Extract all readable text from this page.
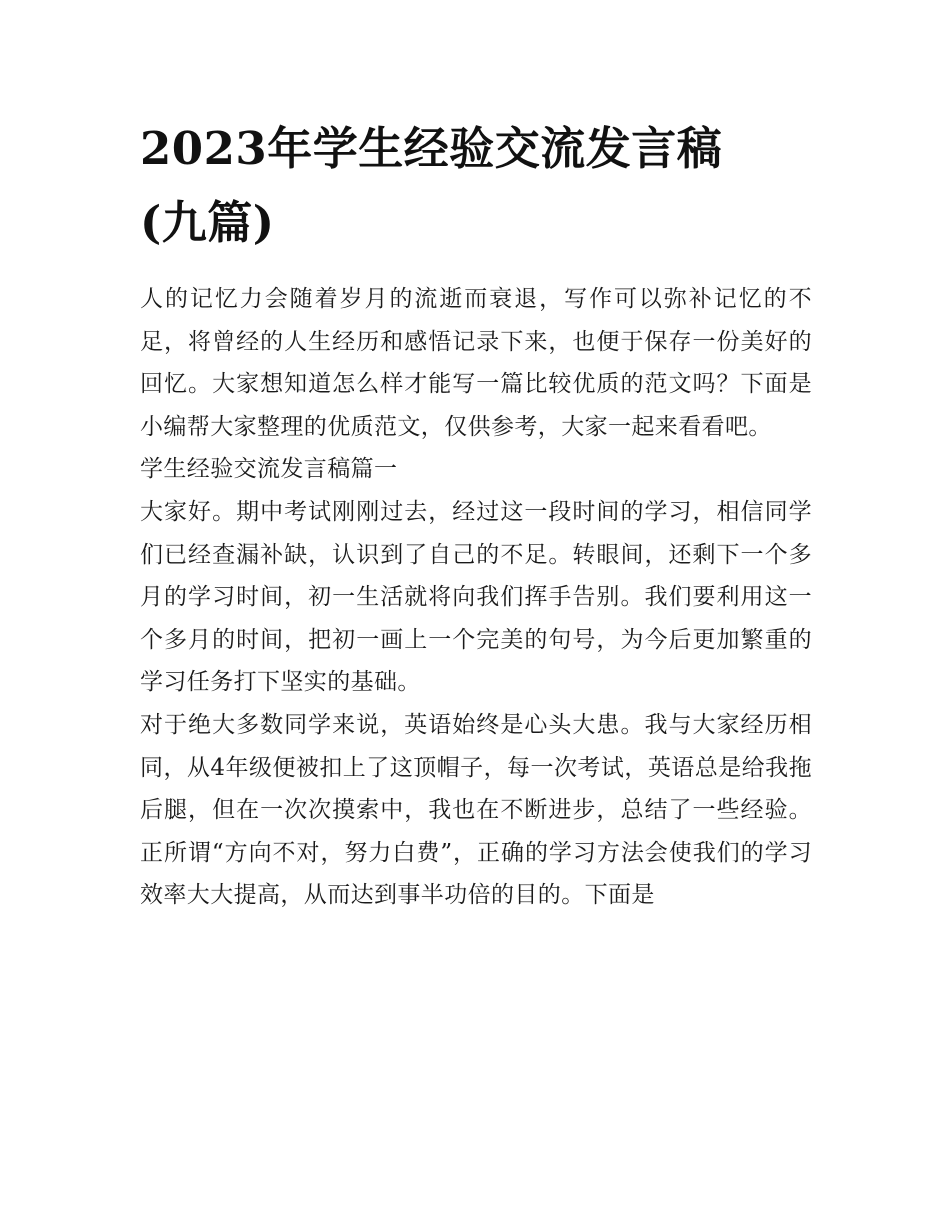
2023年学生经验交流发言稿
(九篇)

人的记忆力会随着岁月的流逝而衰退，写作可以弥补记忆的不足，将曾经的人生经历和感悟记录下来，也便于保存一份美好的回忆。大家想知道怎么样才能写一篇比较优质的范文吗？下面是小编帮大家整理的优质范文，仅供参考，大家一起来看看吧。

学生经验交流发言稿篇一

大家好。期中考试刚刚过去，经过这一段时间的学习，相信同学们已经查漏补缺，认识到了自己的不足。转眼间，还剩下一个多月的学习时间，初一生活就将向我们挥手告别。我们要利用这一个多月的时间，把初一画上一个完美的句号，为今后更加繁重的学习任务打下坚实的基础。

对于绝大多数同学来说，英语始终是心头大患。我与大家经历相同，从4年级便被扣上了这顶帽子，每一次考试，英语总是给我拖后腿，但在一次次摸索中，我也在不断进步，总结了一些经验。正所谓“方向不对，努力白费”，正确的学习方法会使我们的学习效率大大提高，从而达到事半功倍的目的。下面是
